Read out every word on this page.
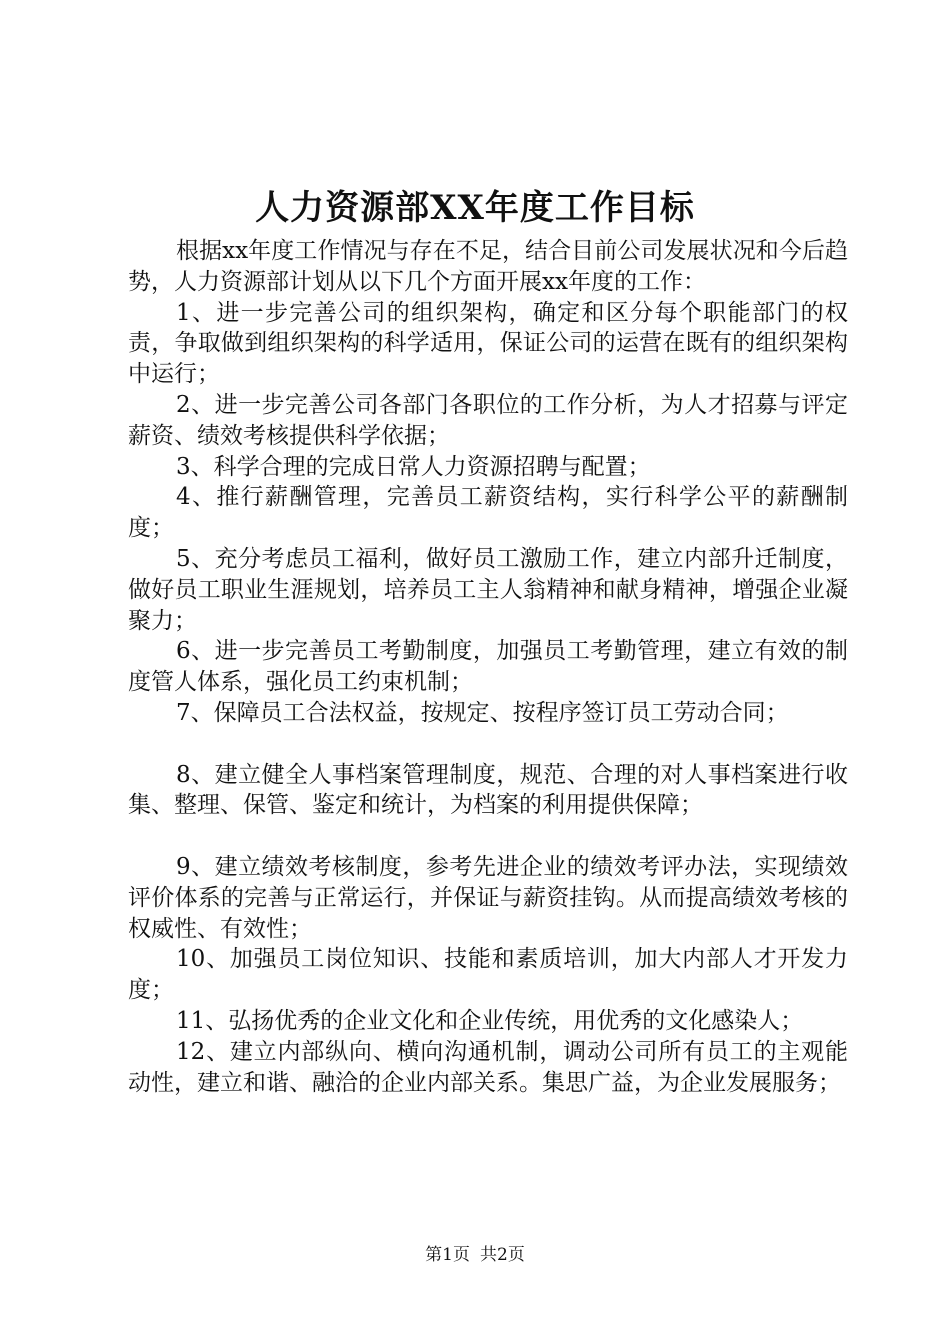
人力资源部XX年度工作目标

根据xx年度工作情况与存在不足，结合目前公司发展状况和今后趋势，人力资源部计划从以下几个方面开展xx年度的工作：

1、进一步完善公司的组织架构，确定和区分每个职能部门的权责，争取做到组织架构的科学适用，保证公司的运营在既有的组织架构中运行；

2、进一步完善公司各部门各职位的工作分析，为人才招募与评定薪资、绩效考核提供科学依据；

3、科学合理的完成日常人力资源招聘与配置；

4、推行薪酬管理，完善员工薪资结构，实行科学公平的薪酬制度；

5、充分考虑员工福利，做好员工激励工作，建立内部升迁制度，做好员工职业生涯规划，培养员工主人翁精神和献身精神，增强企业凝聚力；

6、进一步完善员工考勤制度，加强员工考勤管理，建立有效的制度管人体系，强化员工约束机制；

7、保障员工合法权益，按规定、按程序签订员工劳动合同；

8、建立健全人事档案管理制度，规范、合理的对人事档案进行收集、整理、保管、鉴定和统计，为档案的利用提供保障；

9、建立绩效考核制度，参考先进企业的绩效考评办法，实现绩效评价体系的完善与正常运行，并保证与薪资挂钩。从而提高绩效考核的权威性、有效性；

10、加强员工岗位知识、技能和素质培训，加大内部人才开发力度；

11、弘扬优秀的企业文化和企业传统，用优秀的文化感染人；

12、建立内部纵向、横向沟通机制，调动公司所有员工的主观能动性，建立和谐、融洽的企业内部关系。集思广益，为企业发展服务；

第1页 共2页
